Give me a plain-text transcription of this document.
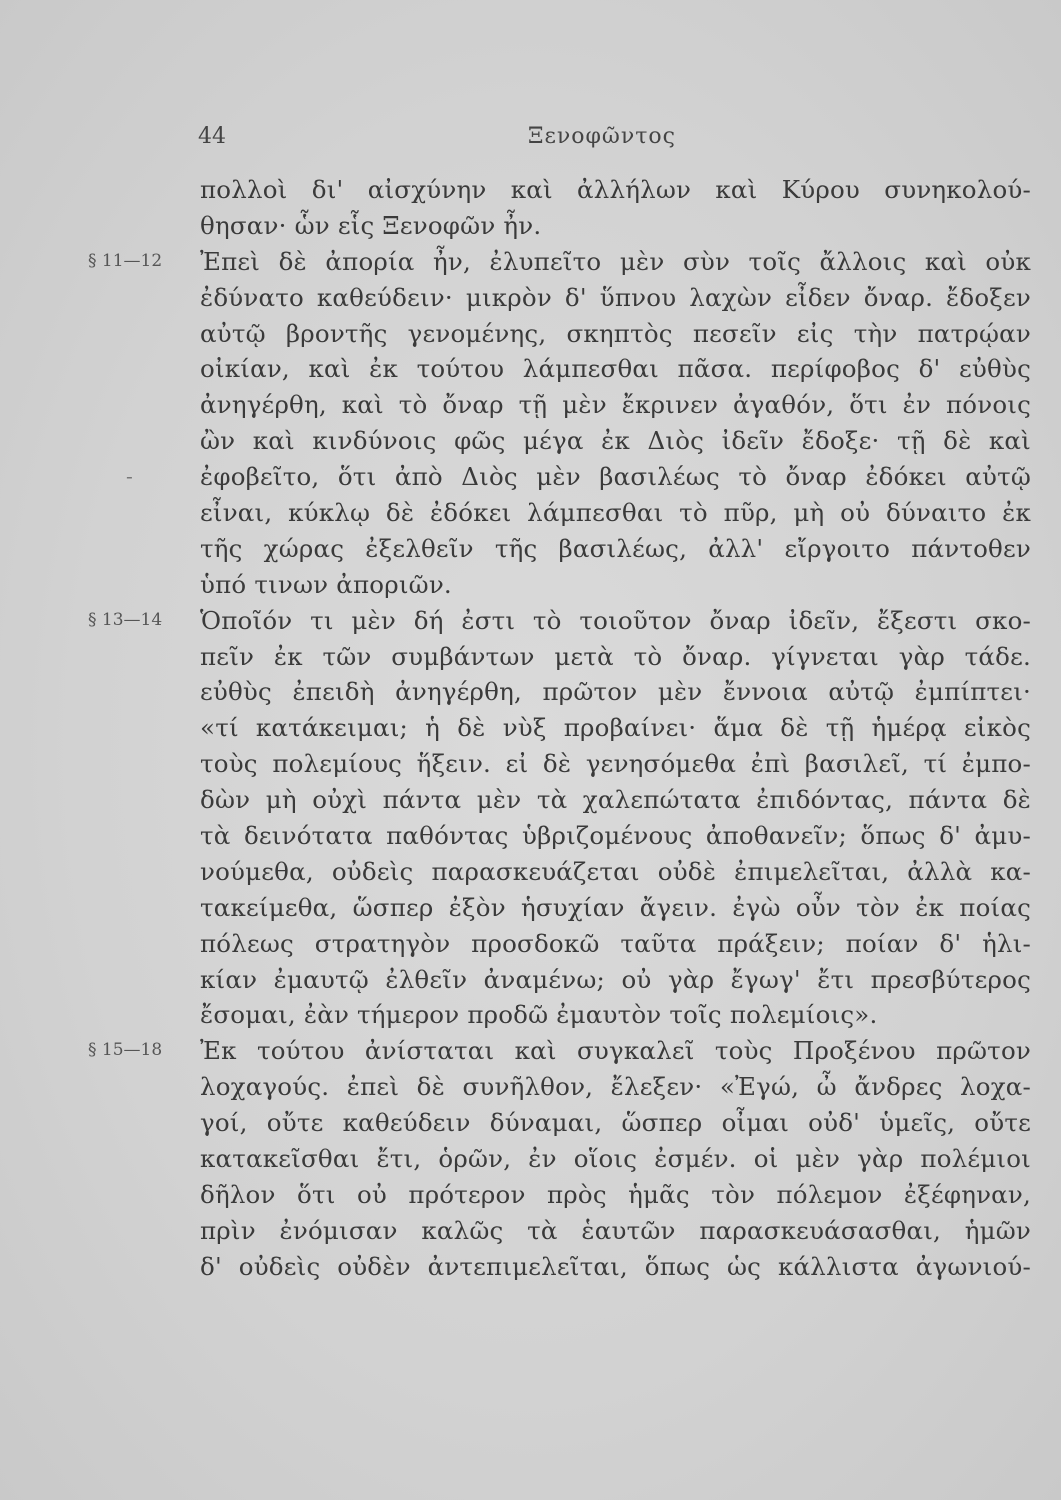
44	Ξενοφῶντος
πολλοὶ δι' αἰσχύνην καὶ ἀλλήλων καὶ Κύρου συνηκολού-
θησαν· ὧν εἷς Ξενοφῶν ἦν.
§ 11—12 Ἐπεὶ δὲ ἀπορία ἦν, ἐλυπεῖτο μὲν σὺν τοῖς ἄλλοις καὶ οὐκ
ἐδύνατο καθεύδειν· μικρὸν δ' ὕπνου λαχὼν εἶδεν ὄναρ. ἔδοξεν
αὐτῷ βροντῆς γενομένης, σκηπτὸς πεσεῖν εἰς τὴν πατρῴαν
οἰκίαν, καὶ ἐκ τούτου λάμπεσθαι πᾶσα. περίφοβος δ' εὐθὺς
ἀνηγέρθη, καὶ τὸ ὄναρ τῇ μὲν ἔκρινεν ἀγαθόν, ὅτι ἐν πόνοις
ὢν καὶ κινδύνοις φῶς μέγα ἐκ Διὸς ἰδεῖν ἔδοξε· τῇ δὲ καὶ
-	ἐφοβεῖτο, ὅτι ἀπὸ Διὸς μὲν βασιλέως τὸ ὄναρ ἐδόκει αὐτῷ
εἶναι, κύκλῳ δὲ ἐδόκει λάμπεσθαι τὸ πῦρ, μὴ οὐ δύναιτο ἐκ
τῆς χώρας ἐξελθεῖν τῆς βασιλέως, ἀλλ' εἴργοιτο πάντοθεν
ὑπό τινων ἀποριῶν.
§ 13—14 Ὁποῖόν τι μὲν δή ἐστι τὸ τοιοῦτον ὄναρ ἰδεῖν, ἔξεστι σκο-
πεῖν ἐκ τῶν συμβάντων μετὰ τὸ ὄναρ. γίγνεται γὰρ τάδε.
εὐθὺς ἐπειδὴ ἀνηγέρθη, πρῶτον μὲν ἔννοια αὐτῷ ἐμπίπτει·
«τί κατάκειμαι; ἡ δὲ νὺξ προβαίνει· ἅμα δὲ τῇ ἡμέρᾳ εἰκὸς
τοὺς πολεμίους ἥξειν. εἰ δὲ γενησόμεθα ἐπὶ βασιλεῖ, τί ἐμπο-
δὼν μὴ οὐχὶ πάντα μὲν τὰ χαλεπώτατα ἐπιδόντας, πάντα δὲ
τὰ δεινότατα παθόντας ὑβριζομένους ἀποθανεῖν; ὅπως δ' ἀμυ-
νούμεθα, οὐδεὶς παρασκευάζεται οὐδὲ ἐπιμελεῖται, ἀλλὰ κα-
τακείμεθα, ὥσπερ ἐξὸν ἡσυχίαν ἄγειν. ἐγὼ οὖν τὸν ἐκ ποίας
πόλεως στρατηγὸν προσδοκῶ ταῦτα πράξειν; ποίαν δ' ἡλι-
κίαν ἐμαυτῷ ἐλθεῖν ἀναμένω; οὐ γὰρ ἔγωγ' ἔτι πρεσβύτερος
ἔσομαι, ἐὰν τήμερον προδῶ ἐμαυτὸν τοῖς πολεμίοις».
§ 15—18 Ἐκ τούτου ἀνίσταται καὶ συγκαλεῖ τοὺς Προξένου πρῶτον
λοχαγούς. ἐπεὶ δὲ συνῆλθον, ἔλεξεν· «Ἐγώ, ὦ ἄνδρες λοχα-
γοί, οὔτε καθεύδειν δύναμαι, ὥσπερ οἶμαι οὐδ' ὑμεῖς, οὔτε
κατακεῖσθαι ἔτι, ὁρῶν, ἐν οἵοις ἐσμέν. οἱ μὲν γὰρ πολέμιοι
δῆλον ὅτι οὐ πρότερον πρὸς ἡμᾶς τὸν πόλεμον ἐξέφηναν,
πρὶν ἐνόμισαν καλῶς τὰ ἑαυτῶν παρασκευάσασθαι, ἡμῶν
δ' οὐδεὶς οὐδὲν ἀντεπιμελεῖται, ὅπως ὡς κάλλιστα ἀγωνιού-
